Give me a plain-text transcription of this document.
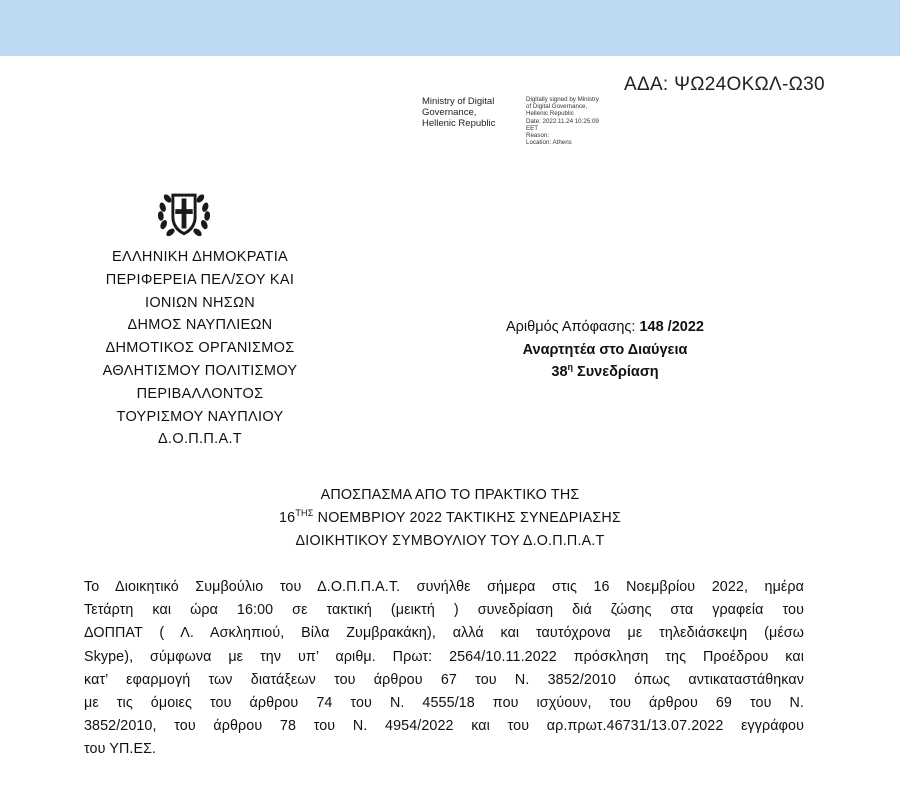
ΑΔΑ: ΨΩ24ΟΚΩΛ-Ω30
Ministry of Digital
Governance,
Hellenic Republic
Digitally signed by Ministry
of Digital Governance,
Hellenic Republic
Date: 2022.11.24 10:25:09
EET
Reason:
Location: Athens
ΕΛΛΗΝΙΚΗ ΔΗΜΟΚΡΑΤΙΑ
ΠΕΡΙΦΕΡΕΙΑ ΠΕΛ/ΣΟΥ ΚΑΙ
ΙΟΝΙΩΝ ΝΗΣΩΝ
ΔΗΜΟΣ ΝΑΥΠΛΙΕΩΝ
ΔΗΜΟΤΙΚΟΣ ΟΡΓΑΝΙΣΜΟΣ
ΑΘΛΗΤΙΣΜΟΥ ΠΟΛΙΤΙΣΜΟΥ
ΠΕΡΙΒΑΛΛΟΝΤΟΣ
ΤΟΥΡΙΣΜΟΥ ΝΑΥΠΛΙΟΥ
Δ.Ο.Π.Π.Α.Τ
Αριθμός Απόφασης: 148 /2022
Αναρτητέα στο Διαύγεια
$38^\eta$ Συνεδρίαση
ΑΠΟΣΠΑΣΜΑ ΑΠΟ ΤΟ ΠΡΑΚΤΙΚΟ ΤΗΣ
$16^{TH\Sigma}$ ΝΟΕΜΒΡΙΟΥ 2022 ΤΑΚΤΙΚΗΣ ΣΥΝΕΔΡΙΑΣΗΣ
ΔΙΟΙΚΗΤΙΚΟΥ ΣΥΜΒΟΥΛΙΟΥ ΤΟΥ Δ.Ο.Π.Π.Α.Τ
Το Διοικητικό Συμβούλιο του Δ.Ο.Π.Π.Α.Τ. συνήλθε σήμερα στις 16 Νοεμβρίου 2022, ημέρα
Τετάρτη και ώρα 16:00 σε τακτική (μεικτή ) συνεδρίαση διά ζώσης στα γραφεία του
ΔΟΠΠΑΤ ( Λ. Ασκληπιού, Βίλα Ζυμβρακάκη), αλλά και ταυτόχρονα με τηλεδιάσκεψη (μέσω
Skype), σύμφωνα με την υπ’ αριθμ. Πρωτ: 2564/10.11.2022 πρόσκληση της Προέδρου και
κατ’ εφαρμογή των διατάξεων του άρθρου 67 του Ν. 3852/2010 όπως αντικαταστάθηκαν
με τις όμοιες του άρθρου 74 του Ν. 4555/18 που ισχύουν, του άρθρου 69 του Ν.
3852/2010, του άρθρου 78 του Ν. 4954/2022 και του αρ.πρωτ.46731/13.07.2022 εγγράφου
του ΥΠ.ΕΣ.
